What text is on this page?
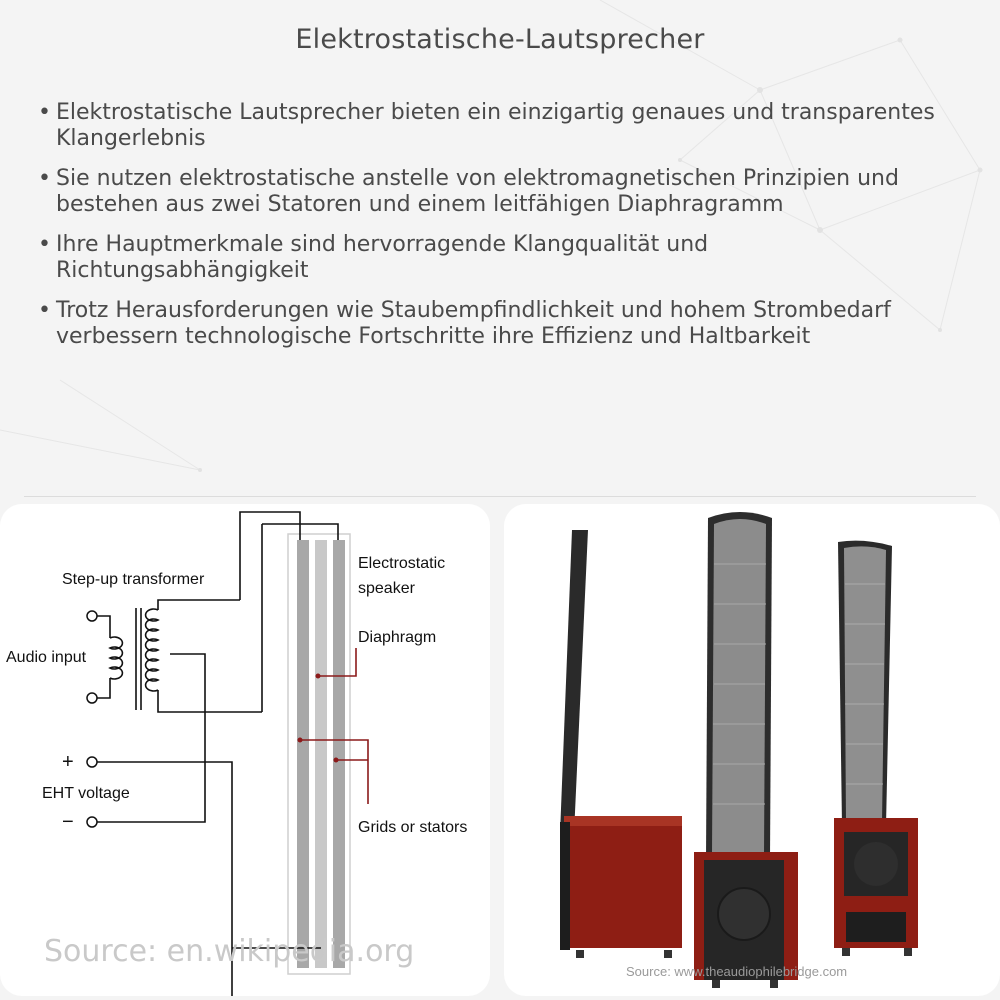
Elektrostatische-Lautsprecher
• Elektrostatische Lautsprecher bieten ein einzigartig genaues und transparentes Klangerlebnis
• Sie nutzen elektrostatische anstelle von elektromagnetischen Prinzipien und bestehen aus zwei Statoren und einem leitfähigen Diaphragramm
• Ihre Hauptmerkmale sind hervorragende Klangqualität und Richtungsabhängigkeit
• Trotz Herausforderungen wie Staubempfindlichkeit und hohem Strombedarf verbessern technologische Fortschritte ihre Effizienz und Haltbarkeit
Step-up transformer
Audio input
+
EHT voltage
−
Electrostatic
speaker
Diaphragm
Grids or stators
Source: en.wikipedia.org
Source: www.theaudiophilebridge.com
